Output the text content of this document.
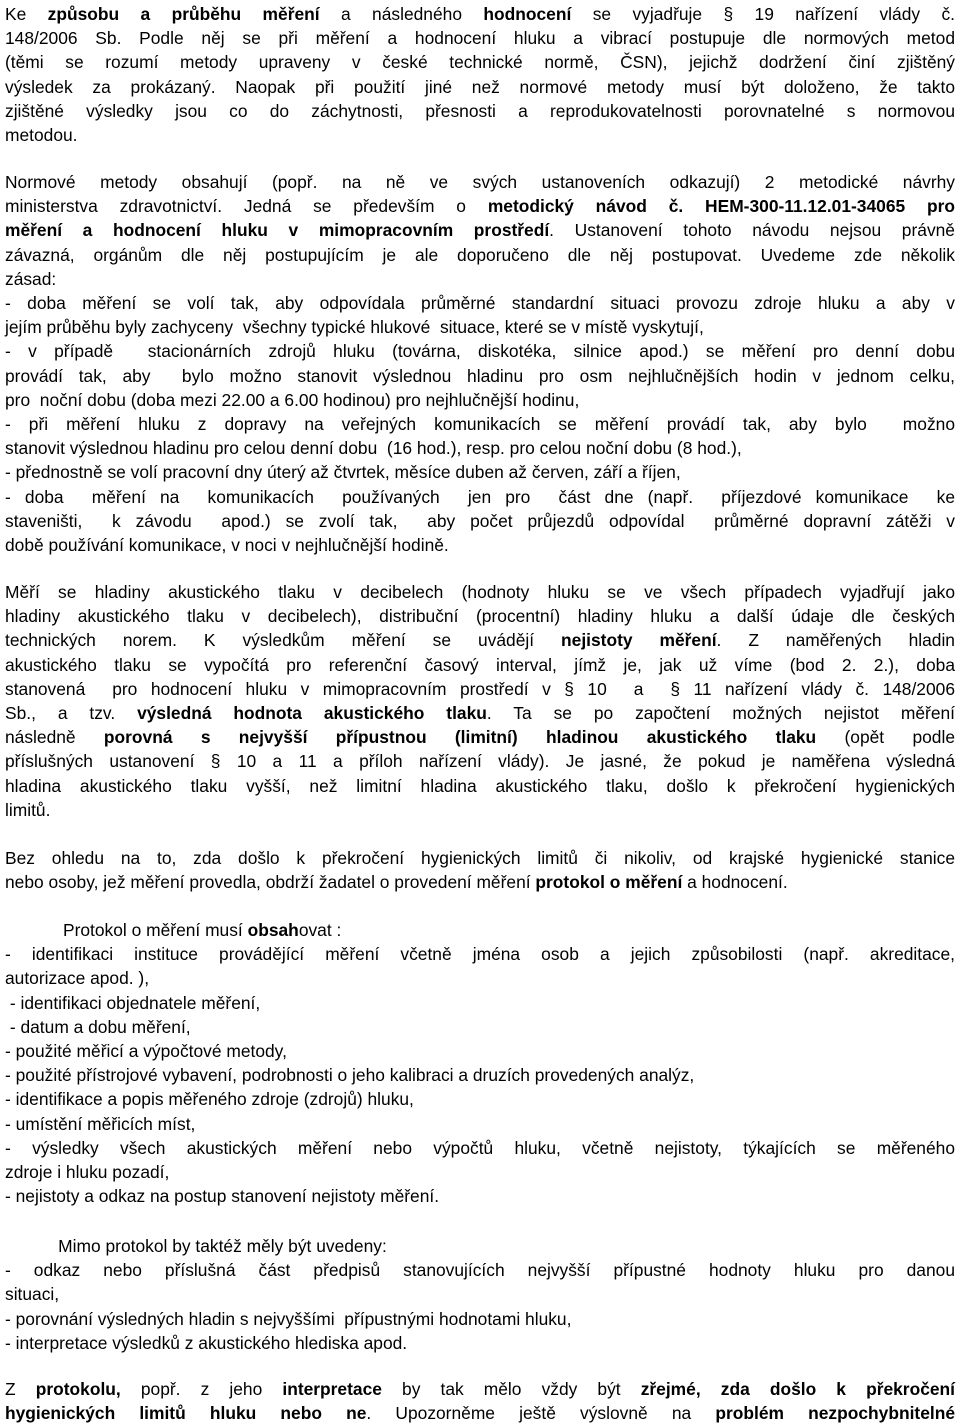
Ke způsobu a průběhu měření a následného hodnocení se vyjadřuje § 19 nařízení vlády č.
148/2006 Sb. Podle něj se při měření a hodnocení hluku a vibrací postupuje dle normových metod
(těmi se rozumí metody upraveny v české technické normě, ČSN), jejichž dodržení činí zjištěný
výsledek za prokázaný. Naopak při použití jiné než normové metody musí být doloženo, že takto
zjištěné výsledky jsou co do záchytnosti, přesnosti a reprodukovatelnosti porovnatelné s normovou
metodou.
Normové metody obsahují (popř. na ně ve svých ustanoveních odkazují) 2 metodické návrhy
ministerstva zdravotnictví. Jedná se především o metodický návod č. HEM-300-11.12.01-34065 pro
měření a hodnocení hluku v mimopracovním prostředí. Ustanovení tohoto návodu nejsou právně
závazná, orgánům dle něj postupujícím je ale doporučeno dle něj postupovat. Uvedeme zde několik
zásad:
- doba měření se volí tak, aby odpovídala průměrné standardní situaci provozu zdroje hluku a aby v
jejím průběhu byly zachyceny  všechny typické hlukové  situace, které se v místě vyskytují,
- v případě  stacionárních zdrojů hluku (továrna, diskotéka, silnice apod.) se měření pro denní dobu
provádí tak, aby  bylo možno stanovit výslednou hladinu pro osm nejhlučnějších hodin v jednom celku,
pro  noční dobu (doba mezi 22.00 a 6.00 hodinou) pro nejhlučnější hodinu,
- při měření hluku z dopravy na veřejných komunikacích se měření provádí tak, aby bylo  možno
stanovit výslednou hladinu pro celou denní dobu  (16 hod.), resp. pro celou noční dobu (8 hod.),
- přednostně se volí pracovní dny úterý až čtvrtek, měsíce duben až červen, září a říjen,
- doba  měření na  komunikacích  používaných  jen pro  část dne (např.  příjezdové komunikace  ke
staveništi,  k závodu  apod.) se zvolí tak,  aby počet průjezdů odpovídal  průměrné dopravní zátěži v
době používání komunikace, v noci v nejhlučnější hodině.
Měří se hladiny akustického tlaku v decibelech (hodnoty hluku se ve všech případech vyjadřují jako
hladiny akustického tlaku v decibelech), distribuční (procentní) hladiny hluku a další údaje dle českých
technických norem. K výsledkům měření se uvádějí nejistoty měření. Z naměřených hladin
akustického tlaku se vypočítá pro referenční časový interval, jímž je, jak už víme (bod 2. 2.), doba
stanovená  pro hodnocení hluku v mimopracovním prostředí v § 10  a  § 11 nařízení vlády č. 148/2006
Sb., a tzv. výsledná hodnota akustického tlaku. Ta se po započtení možných nejistot měření
následně porovná s nejvyšší přípustnou (limitní) hladinou akustického tlaku (opět podle
příslušných ustanovení § 10 a 11 a příloh nařízení vlády). Je jasné, že pokud je naměřena výsledná
hladina akustického tlaku vyšší, než limitní hladina akustického tlaku, došlo k překročení hygienických
limitů.
Bez ohledu na to, zda došlo k překročení hygienických limitů či nikoliv, od krajské hygienické stanice
nebo osoby, jež měření provedla, obdrží žadatel o provedení měření protokol o měření a hodnocení.
Protokol o měření musí obsahovat :
- identifikaci instituce provádějící měření včetně jména osob a jejich způsobilosti (např. akreditace,
autorizace apod. ),
- identifikaci objednatele měření,
- datum a dobu měření,
- použité měřicí a výpočtové metody,
- použité přístrojové vybavení, podrobnosti o jeho kalibraci a druzích provedených analýz,
- identifikace a popis měřeného zdroje (zdrojů) hluku,
- umístění měřicích míst,
- výsledky všech akustických měření nebo výpočtů hluku, včetně nejistoty, týkajících se měřeného
zdroje i hluku pozadí,
- nejistoty a odkaz na postup stanovení nejistoty měření.
Mimo protokol by taktéž měly být uvedeny:
- odkaz nebo příslušná část předpisů stanovujících nejvyšší přípustné hodnoty hluku pro danou
situaci,
- porovnání výsledných hladin s nejvyššími  přípustnými hodnotami hluku,
- interpretace výsledků z akustického hlediska apod.
Z protokolu, popř. z jeho interpretace by tak mělo vždy být zřejmé, zda došlo k překročení
hygienických limitů hluku nebo ne. Upozorněme ještě výslovně na problém nezpochybnitelné
